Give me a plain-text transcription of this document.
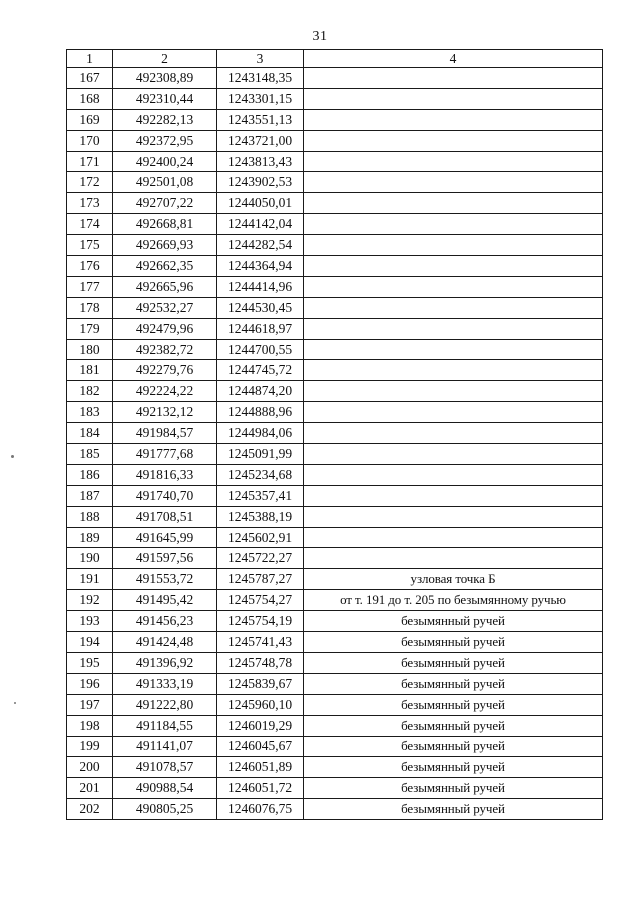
31
1	2	3	4
167	492308,89	1243148,35	
168	492310,44	1243301,15	
169	492282,13	1243551,13	
170	492372,95	1243721,00	
171	492400,24	1243813,43	
172	492501,08	1243902,53	
173	492707,22	1244050,01	
174	492668,81	1244142,04	
175	492669,93	1244282,54	
176	492662,35	1244364,94	
177	492665,96	1244414,96	
178	492532,27	1244530,45	
179	492479,96	1244618,97	
180	492382,72	1244700,55	
181	492279,76	1244745,72	
182	492224,22	1244874,20	
183	492132,12	1244888,96	
184	491984,57	1244984,06	
185	491777,68	1245091,99	
186	491816,33	1245234,68	
187	491740,70	1245357,41	
188	491708,51	1245388,19	
189	491645,99	1245602,91	
190	491597,56	1245722,27	
191	491553,72	1245787,27	узловая точка Б
192	491495,42	1245754,27	от т. 191 до т. 205 по безымянному ручью
193	491456,23	1245754,19	безымянный ручей
194	491424,48	1245741,43	безымянный ручей
195	491396,92	1245748,78	безымянный ручей
196	491333,19	1245839,67	безымянный ручей
197	491222,80	1245960,10	безымянный ручей
198	491184,55	1246019,29	безымянный ручей
199	491141,07	1246045,67	безымянный ручей
200	491078,57	1246051,89	безымянный ручей
201	490988,54	1246051,72	безымянный ручей
202	490805,25	1246076,75	безымянный ручей
